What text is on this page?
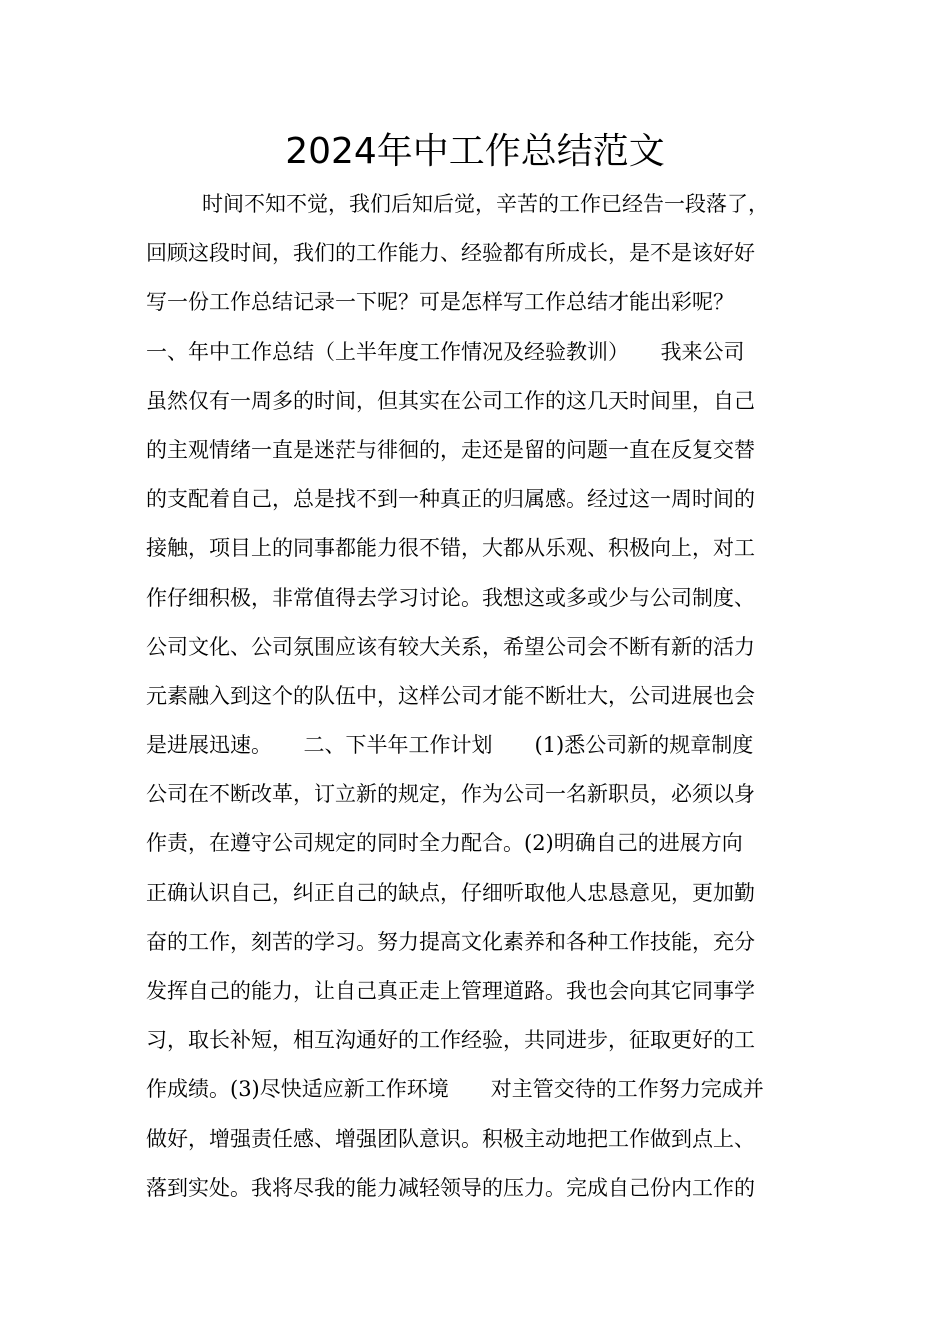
2024年中工作总结范文
时间不知不觉，我们后知后觉，辛苦的工作已经告一段落了，
回顾这段时间，我们的工作能力、经验都有所成长，是不是该好好
写一份工作总结记录一下呢？可是怎样写工作总结才能出彩呢？
一、年中工作总结（上半年度工作情况及经验教训）　　我来公司
虽然仅有一周多的时间，但其实在公司工作的这几天时间里，自己
的主观情绪一直是迷茫与徘徊的，走还是留的问题一直在反复交替
的支配着自己，总是找不到一种真正的归属感。经过这一周时间的
接触，项目上的同事都能力很不错，大都从乐观、积极向上，对工
作仔细积极，非常值得去学习讨论。我想这或多或少与公司制度、
公司文化、公司氛围应该有较大关系，希望公司会不断有新的活力
元素融入到这个的队伍中，这样公司才能不断壮大，公司进展也会
是进展迅速。　　二、下半年工作计划　　(1)悉公司新的规章制度
公司在不断改革，订立新的规定，作为公司一名新职员，必须以身
作责，在遵守公司规定的同时全力配合。(2)明确自己的进展方向
正确认识自己，纠正自己的缺点，仔细听取他人忠恳意见，更加勤
奋的工作，刻苦的学习。努力提高文化素养和各种工作技能，充分
发挥自己的能力，让自己真正走上管理道路。我也会向其它同事学
习，取长补短，相互沟通好的工作经验，共同进步，征取更好的工
作成绩。(3)尽快适应新工作环境　　对主管交待的工作努力完成并
做好，增强责任感、增强团队意识。积极主动地把工作做到点上、
落到实处。我将尽我的能力减轻领导的压力。完成自己份内工作的
